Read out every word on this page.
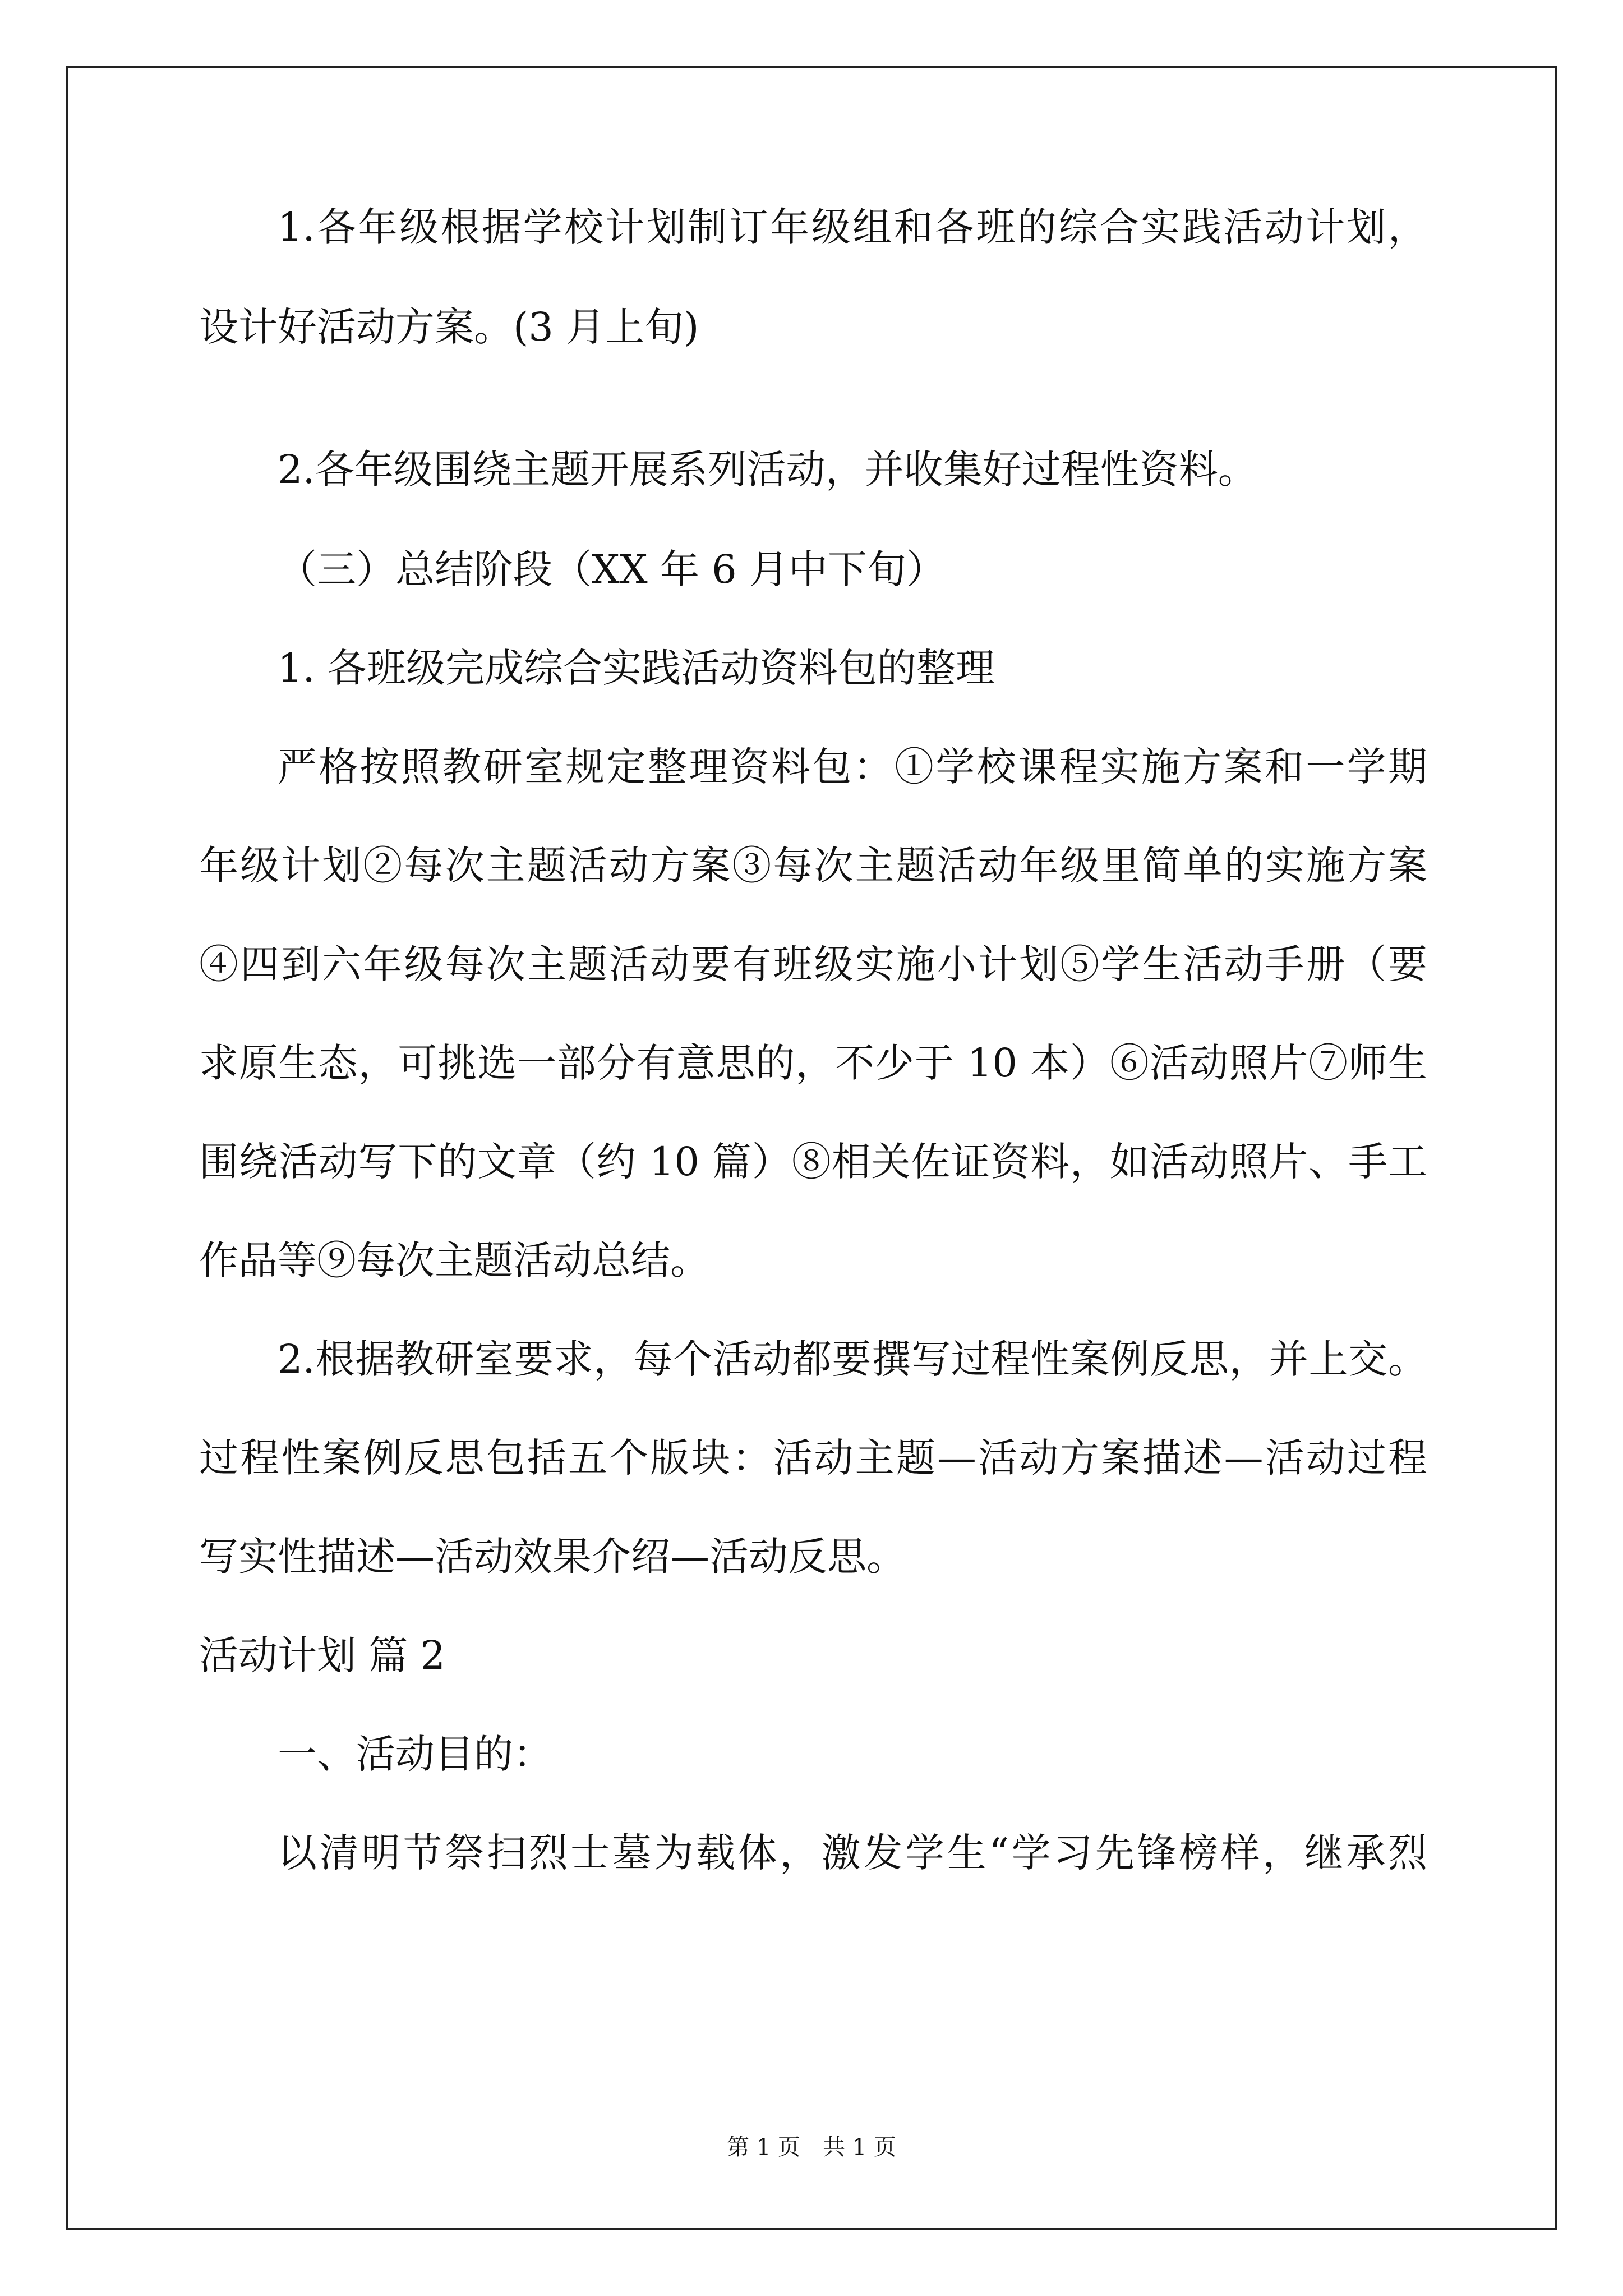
1.各年级根据学校计划制订年级组和各班的综合实践活动计划，
设计好活动方案。(3 月上旬)
2.各年级围绕主题开展系列活动，并收集好过程性资料。
（三）总结阶段（XX 年 6 月中下旬）
1. 各班级完成综合实践活动资料包的整理
严格按照教研室规定整理资料包：①学校课程实施方案和一学期
年级计划②每次主题活动方案③每次主题活动年级里简单的实施方案
④四到六年级每次主题活动要有班级实施小计划⑤学生活动手册（要
求原生态，可挑选一部分有意思的，不少于 10 本）⑥活动照片⑦师生
围绕活动写下的文章（约 10 篇）⑧相关佐证资料，如活动照片、手工
作品等⑨每次主题活动总结。
2.根据教研室要求，每个活动都要撰写过程性案例反思，并上交。
过程性案例反思包括五个版块：活动主题—活动方案描述—活动过程
写实性描述—活动效果介绍—活动反思。
活动计划 篇 2
一、活动目的：
以清明节祭扫烈士墓为载体，激发学生“学习先锋榜样，继承烈
第 1 页　共 1 页
